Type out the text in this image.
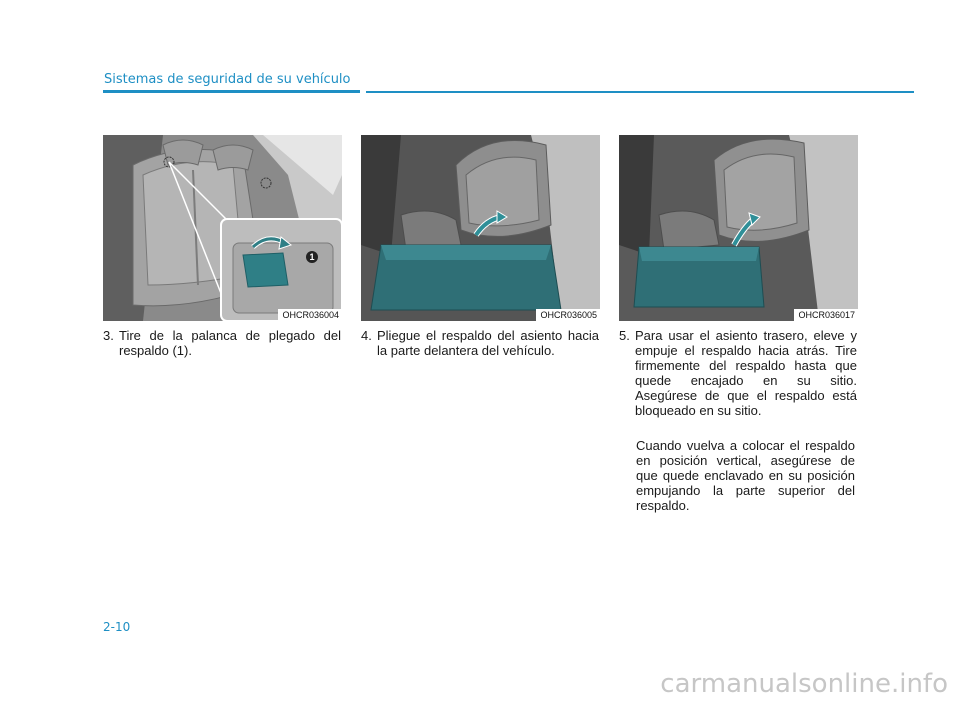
Sistemas de seguridad de su vehículo
1
OHCR036004	OHCR036005	OHCR036017
3. Tire de la palanca de plegado del respaldo (1).
4. Pliegue el respaldo del asiento hacia la parte delantera del vehículo.
5. Para usar el asiento trasero, eleve y empuje el respaldo hacia atrás. Tire firmemente del respaldo hasta que quede encajado en su sitio. Asegúrese de que el respaldo está bloqueado en su sitio.
Cuando vuelva a colocar el respaldo en posición vertical, asegúrese de que quede enclavado en su posición empujando la parte superior del respaldo.
2-10
carmanualsonline.info
